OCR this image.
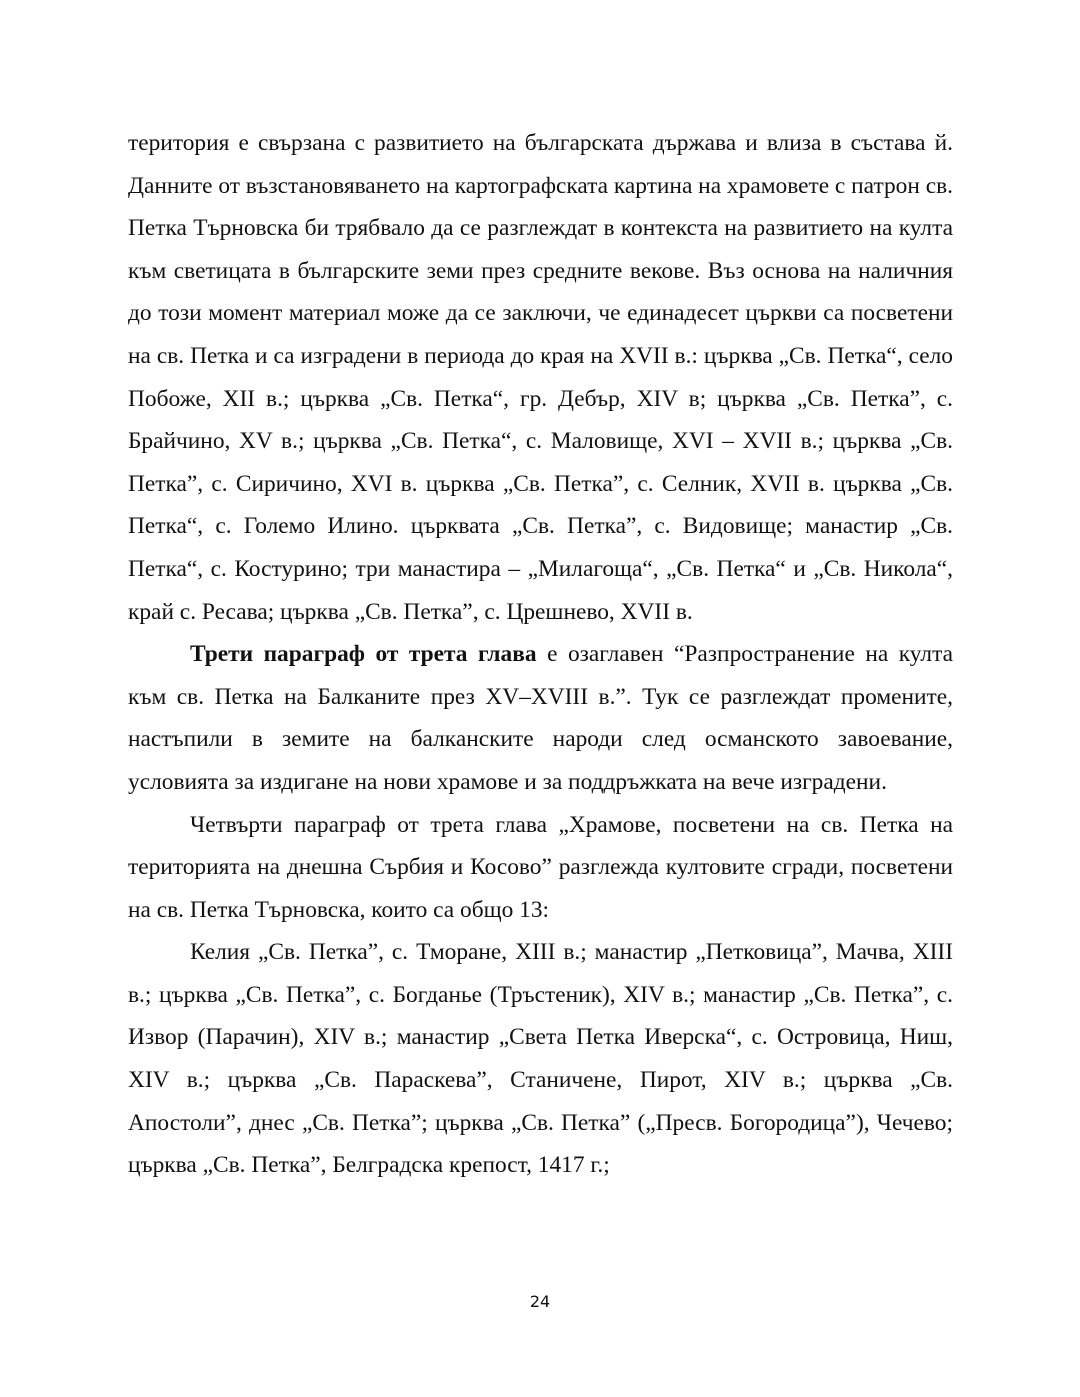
територия е свързана с развитието на българската държава и влиза в състава й. Данните от възстановяването на картографската картина на храмовете с патрон св. Петка Търновска би трябвало да се разглеждат в контекста на развитието на култа към светицата в българските земи през средните векове. Въз основа на наличния до този момент материал може да се заключи, че единадесет църкви са посветени на св. Петка и са изградени в периода до края на XVII в.: църква „Св. Петка“, село Побоже, XII в.; църква „Св. Петка“, гр. Дебър, XIV в; църква „Св. Петка”, с. Брайчино, XV в.; църква „Св. Петка“, с. Маловище, XVI – XVII в.; църква „Св. Петка”, с. Сиричино, XVI в. църква „Св. Петка”, с. Селник, XVII в. църква „Св. Петка“, с. Големо Илино. църквата „Св. Петка”, с. Видовище; манастир „Св. Петка“, с. Костурино; три манастира – „Милагоща“, „Св. Петка“ и „Св. Никола“, край с. Ресава; църква „Св. Петка”, с. Црешнево, XVII в.

Трети параграф от трета глава е озаглавен “Разпространение на култа към св. Петка на Балканите през XV–XVIII в.”. Тук се разглеждат промените, настъпили в земите на балканските народи след османското завоевание, условията за издигане на нови храмове и за поддръжката на вече изградени.

Четвърти параграф от трета глава „Храмове, посветени на св. Петка на територията на днешна Сърбия и Косово” разглежда култовите сгради, посветени на св. Петка Търновска, които са общо 13:

Келия „Св. Петка”, с. Тморане, XIII в.; манастир „Петковица”, Мачва, XIII в.; църква „Св. Петка”, с. Богданье (Тръстеник), XIV в.; манастир „Св. Петка”, с. Извор (Парачин), XIV в.; манастир „Света Петка Иверска“, с. Островица, Ниш, XIV в.; църква „Св. Параскева”, Станичене, Пирот, XIV в.; църква „Св. Апостоли”, днес „Св. Петка”; църква „Св. Петка” („Пресв. Богородица”), Чечево; църква „Св. Петка”, Белградска крепост, 1417 г.;

24
